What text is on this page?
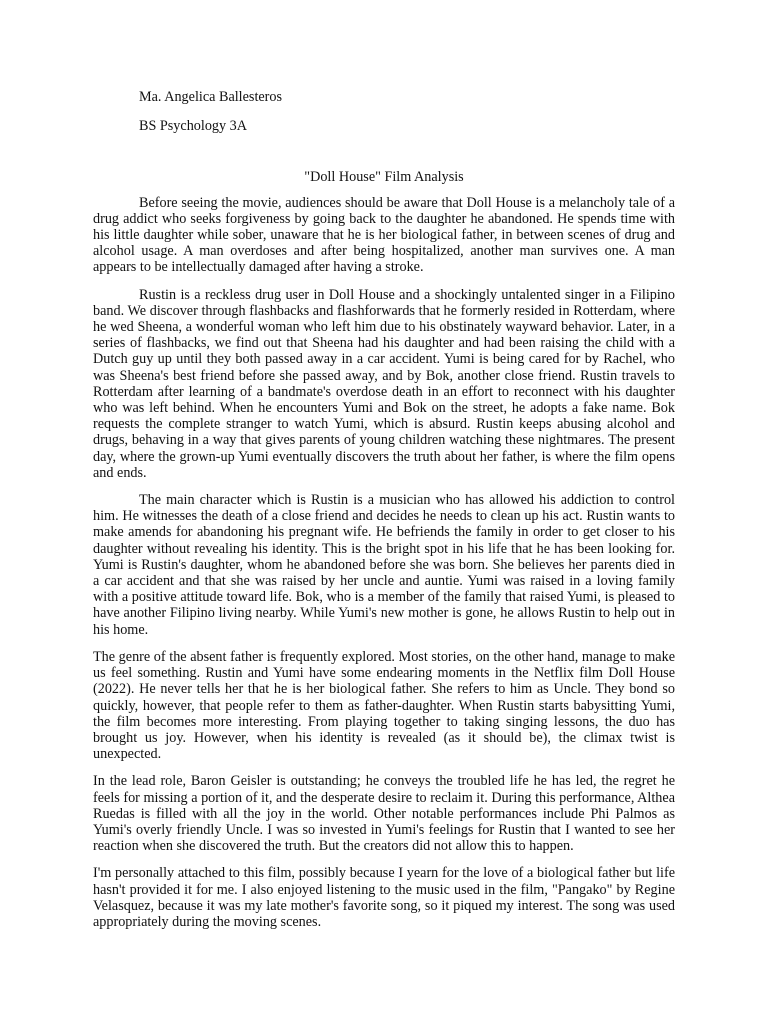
Ma. Angelica Ballesteros

BS Psychology 3A

"Doll House" Film Analysis

Before seeing the movie, audiences should be aware that Doll House is a melancholy tale of a drug addict who seeks forgiveness by going back to the daughter he abandoned. He spends time with his little daughter while sober, unaware that he is her biological father, in between scenes of drug and alcohol usage. A man overdoses and after being hospitalized, another man survives one. A man appears to be intellectually damaged after having a stroke.

Rustin is a reckless drug user in Doll House and a shockingly untalented singer in a Filipino band. We discover through flashbacks and flashforwards that he formerly resided in Rotterdam, where he wed Sheena, a wonderful woman who left him due to his obstinately wayward behavior. Later, in a series of flashbacks, we find out that Sheena had his daughter and had been raising the child with a Dutch guy up until they both passed away in a car accident. Yumi is being cared for by Rachel, who was Sheena's best friend before she passed away, and by Bok, another close friend. Rustin travels to Rotterdam after learning of a bandmate's overdose death in an effort to reconnect with his daughter who was left behind. When he encounters Yumi and Bok on the street, he adopts a fake name. Bok requests the complete stranger to watch Yumi, which is absurd. Rustin keeps abusing alcohol and drugs, behaving in a way that gives parents of young children watching these nightmares. The present day, where the grown-up Yumi eventually discovers the truth about her father, is where the film opens and ends.

The main character which is Rustin is a musician who has allowed his addiction to control him. He witnesses the death of a close friend and decides he needs to clean up his act. Rustin wants to make amends for abandoning his pregnant wife. He befriends the family in order to get closer to his daughter without revealing his identity. This is the bright spot in his life that he has been looking for. Yumi is Rustin's daughter, whom he abandoned before she was born. She believes her parents died in a car accident and that she was raised by her uncle and auntie. Yumi was raised in a loving family with a positive attitude toward life. Bok, who is a member of the family that raised Yumi, is pleased to have another Filipino living nearby. While Yumi's new mother is gone, he allows Rustin to help out in his home.

The genre of the absent father is frequently explored. Most stories, on the other hand, manage to make us feel something. Rustin and Yumi have some endearing moments in the Netflix film Doll House (2022). He never tells her that he is her biological father. She refers to him as Uncle. They bond so quickly, however, that people refer to them as father-daughter. When Rustin starts babysitting Yumi, the film becomes more interesting. From playing together to taking singing lessons, the duo has brought us joy. However, when his identity is revealed (as it should be), the climax twist is unexpected.

In the lead role, Baron Geisler is outstanding; he conveys the troubled life he has led, the regret he feels for missing a portion of it, and the desperate desire to reclaim it. During this performance, Althea Ruedas is filled with all the joy in the world. Other notable performances include Phi Palmos as Yumi's overly friendly Uncle. I was so invested in Yumi's feelings for Rustin that I wanted to see her reaction when she discovered the truth. But the creators did not allow this to happen.

I'm personally attached to this film, possibly because I yearn for the love of a biological father but life hasn't provided it for me. I also enjoyed listening to the music used in the film, "Pangako" by Regine Velasquez, because it was my late mother's favorite song, so it piqued my interest. The song was used appropriately during the moving scenes.
